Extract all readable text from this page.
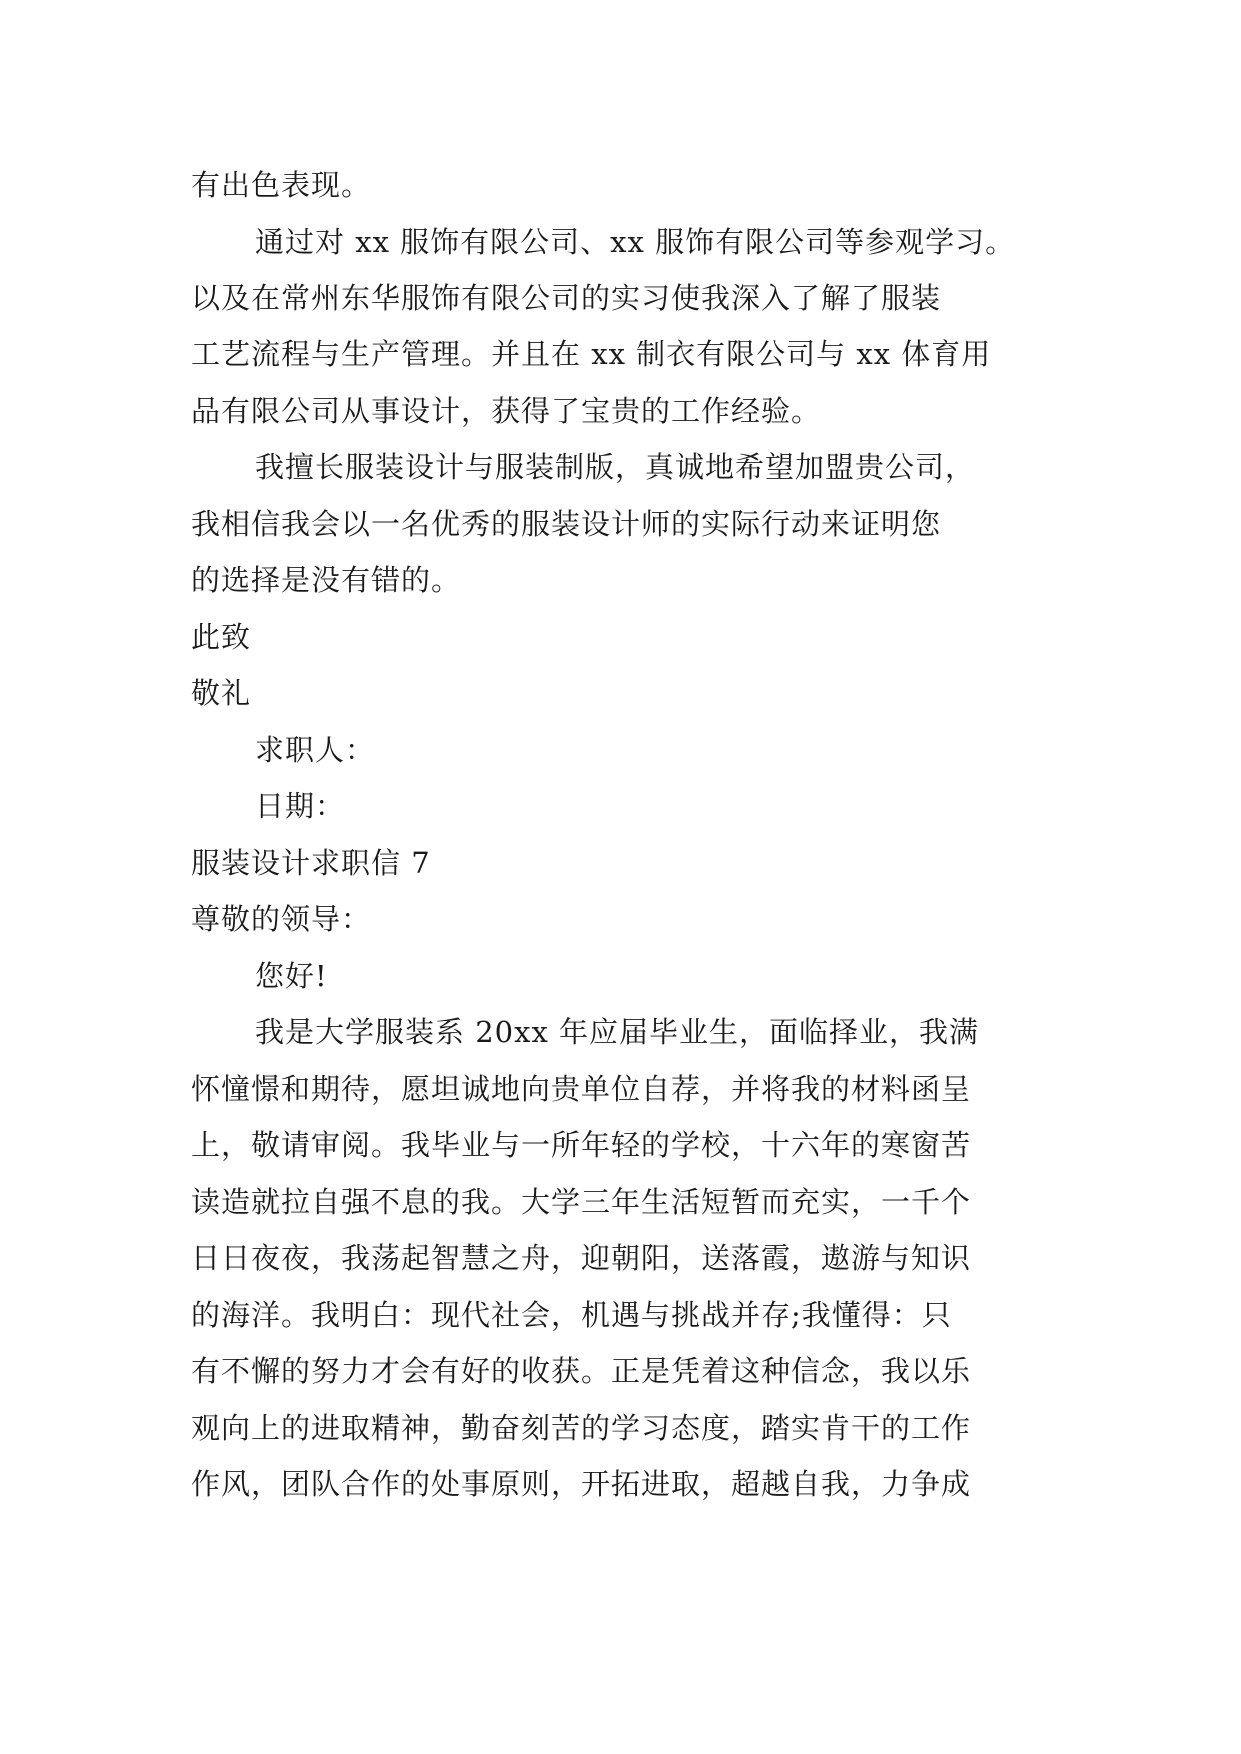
有出色表现。
通过对 xx 服饰有限公司、xx 服饰有限公司等参观学习。
以及在常州东华服饰有限公司的实习使我深入了解了服装
工艺流程与生产管理。并且在 xx 制衣有限公司与 xx 体育用
品有限公司从事设计，获得了宝贵的工作经验。
我擅长服装设计与服装制版，真诚地希望加盟贵公司，
我相信我会以一名优秀的服装设计师的实际行动来证明您
的选择是没有错的。
此致
敬礼
求职人：
日期：
服装设计求职信 7
尊敬的领导：
您好!
我是大学服装系 20xx 年应届毕业生，面临择业，我满
怀憧憬和期待，愿坦诚地向贵单位自荐，并将我的材料函呈
上，敬请审阅。我毕业与一所年轻的学校，十六年的寒窗苦
读造就拉自强不息的我。大学三年生活短暂而充实，一千个
日日夜夜，我荡起智慧之舟，迎朝阳，送落霞，遨游与知识
的海洋。我明白：现代社会，机遇与挑战并存;我懂得：只
有不懈的努力才会有好的收获。正是凭着这种信念，我以乐
观向上的进取精神，勤奋刻苦的学习态度，踏实肯干的工作
作风，团队合作的处事原则，开拓进取，超越自我，力争成
